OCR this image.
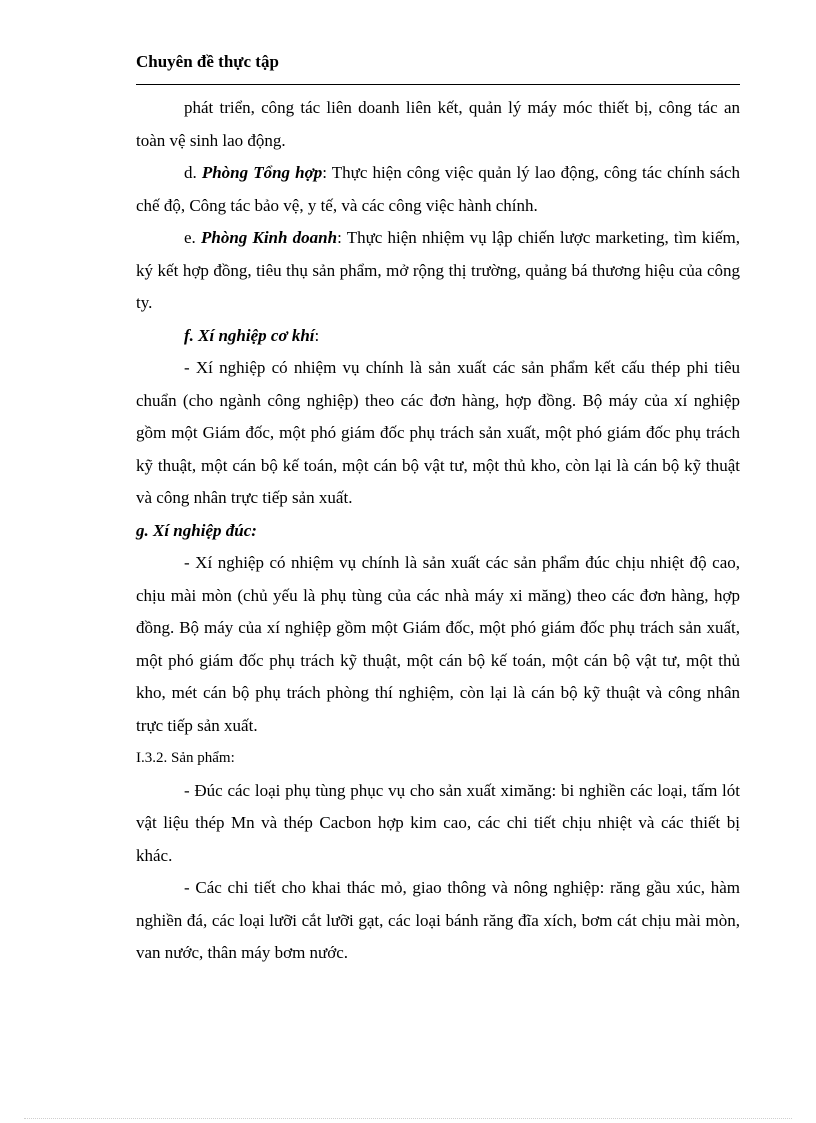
Chuyên đề thực tập

phát triển, công tác liên doanh liên kết, quản lý máy móc thiết bị, công tác an toàn vệ sinh lao động.

d. Phòng Tổng hợp: Thực hiện công việc quản lý lao động, công tác chính sách chế độ, Công tác bảo vệ, y tế, và các công việc hành chính.

e. Phòng Kinh doanh: Thực hiện nhiệm vụ lập chiến lược marketing, tìm kiếm, ký kết hợp đồng, tiêu thụ sản phẩm, mở rộng thị trường, quảng bá thương hiệu của công ty.

f. Xí nghiệp cơ khí:

- Xí nghiệp có nhiệm vụ chính là sản xuất các sản phẩm kết cấu thép phi tiêu chuẩn (cho ngành công nghiệp) theo các đơn hàng, hợp đồng. Bộ máy của xí nghiệp gồm một Giám đốc, một phó giám đốc phụ trách sản xuất, một phó giám đốc phụ trách kỹ thuật, một cán bộ kế toán, một cán bộ vật tư, một thủ kho, còn lại là cán bộ kỹ thuật và công nhân trực tiếp sản xuất.

g. Xí nghiệp đúc:

- Xí nghiệp có nhiệm vụ chính là sản xuất các sản phẩm đúc chịu nhiệt độ cao, chịu mài mòn (chủ yếu là phụ tùng của các nhà máy xi măng) theo các đơn hàng, hợp đồng. Bộ máy của xí nghiệp gồm một Giám đốc, một phó giám đốc phụ trách sản xuất, một phó giám đốc phụ trách kỹ thuật, một cán bộ kế toán, một cán bộ vật tư, một thủ kho, mét cán bộ phụ trách phòng thí nghiệm, còn lại là cán bộ kỹ thuật và công nhân trực tiếp sản xuất.

I.3.2. Sản phẩm:

- Đúc các loại phụ tùng phục vụ cho sản xuất ximăng: bi nghiền các loại, tấm lót vật liệu thép Mn và thép Cacbon hợp kim cao, các chi tiết chịu nhiệt và các thiết bị khác.

- Các chi tiết cho khai thác mỏ, giao thông và nông nghiệp: răng gầu xúc, hàm nghiền đá, các loại lưỡi cắt lưỡi gạt, các loại bánh răng đĩa xích, bơm cát chịu mài mòn, van nước, thân máy bơm nước.
